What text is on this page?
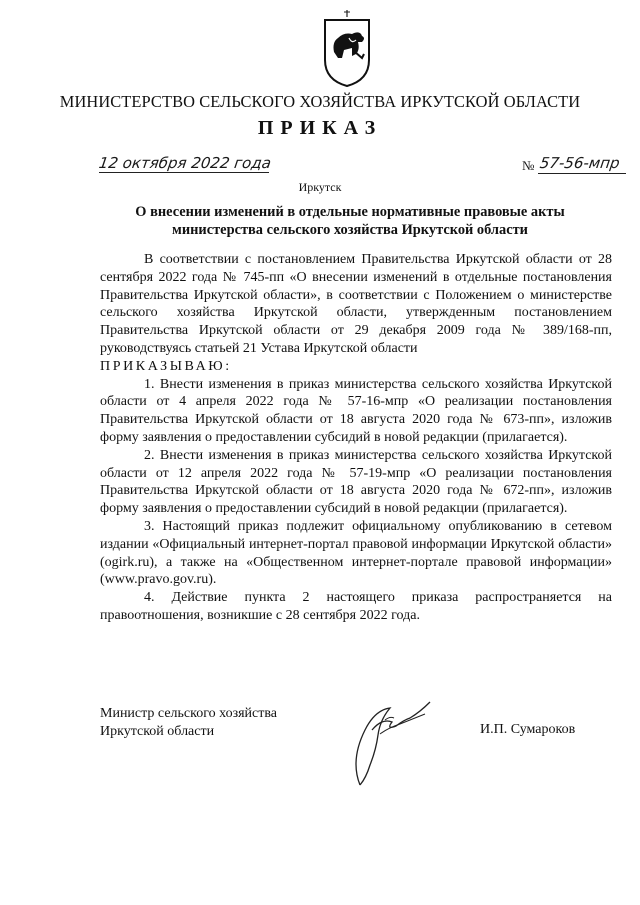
МИНИСТЕРСТВО СЕЛЬСКОГО ХОЗЯЙСТВА ИРКУТСКОЙ ОБЛАСТИ
ПРИКАЗ
12 октября 2022 года	№ 57-56-мпр
Иркутск
О внесении изменений в отдельные нормативные правовые акты министерства сельского хозяйства Иркутской области

В соответствии с постановлением Правительства Иркутской области от 28 сентября 2022 года № 745-пп «О внесении изменений в отдельные постановления Правительства Иркутской области», в соответствии с Положением о министерстве сельского хозяйства Иркутской области, утвержденным постановлением Правительства Иркутской области от 29 декабря 2009 года № 389/168-пп, руководствуясь статьей 21 Устава Иркутской области

ПРИКАЗЫВАЮ:

1. Внести изменения в приказ министерства сельского хозяйства Иркутской области от 4 апреля 2022 года № 57-16-мпр «О реализации постановления Правительства Иркутской области от 18 августа 2020 года № 673-пп», изложив форму заявления о предоставлении субсидий в новой редакции (прилагается).

2. Внести изменения в приказ министерства сельского хозяйства Иркутской области от 12 апреля 2022 года № 57-19-мпр «О реализации постановления Правительства Иркутской области от 18 августа 2020 года № 672-пп», изложив форму заявления о предоставлении субсидий в новой редакции (прилагается).

3. Настоящий приказ подлежит официальному опубликованию в сетевом издании «Официальный интернет-портал правовой информации Иркутской области» (ogirk.ru), а также на «Общественном интернет-портале правовой информации» (www.pravo.gov.ru).

4. Действие пункта 2 настоящего приказа распространяется на правоотношения, возникшие с 28 сентября 2022 года.

Министр сельского хозяйства
Иркутской области	И.П. Сумароков
